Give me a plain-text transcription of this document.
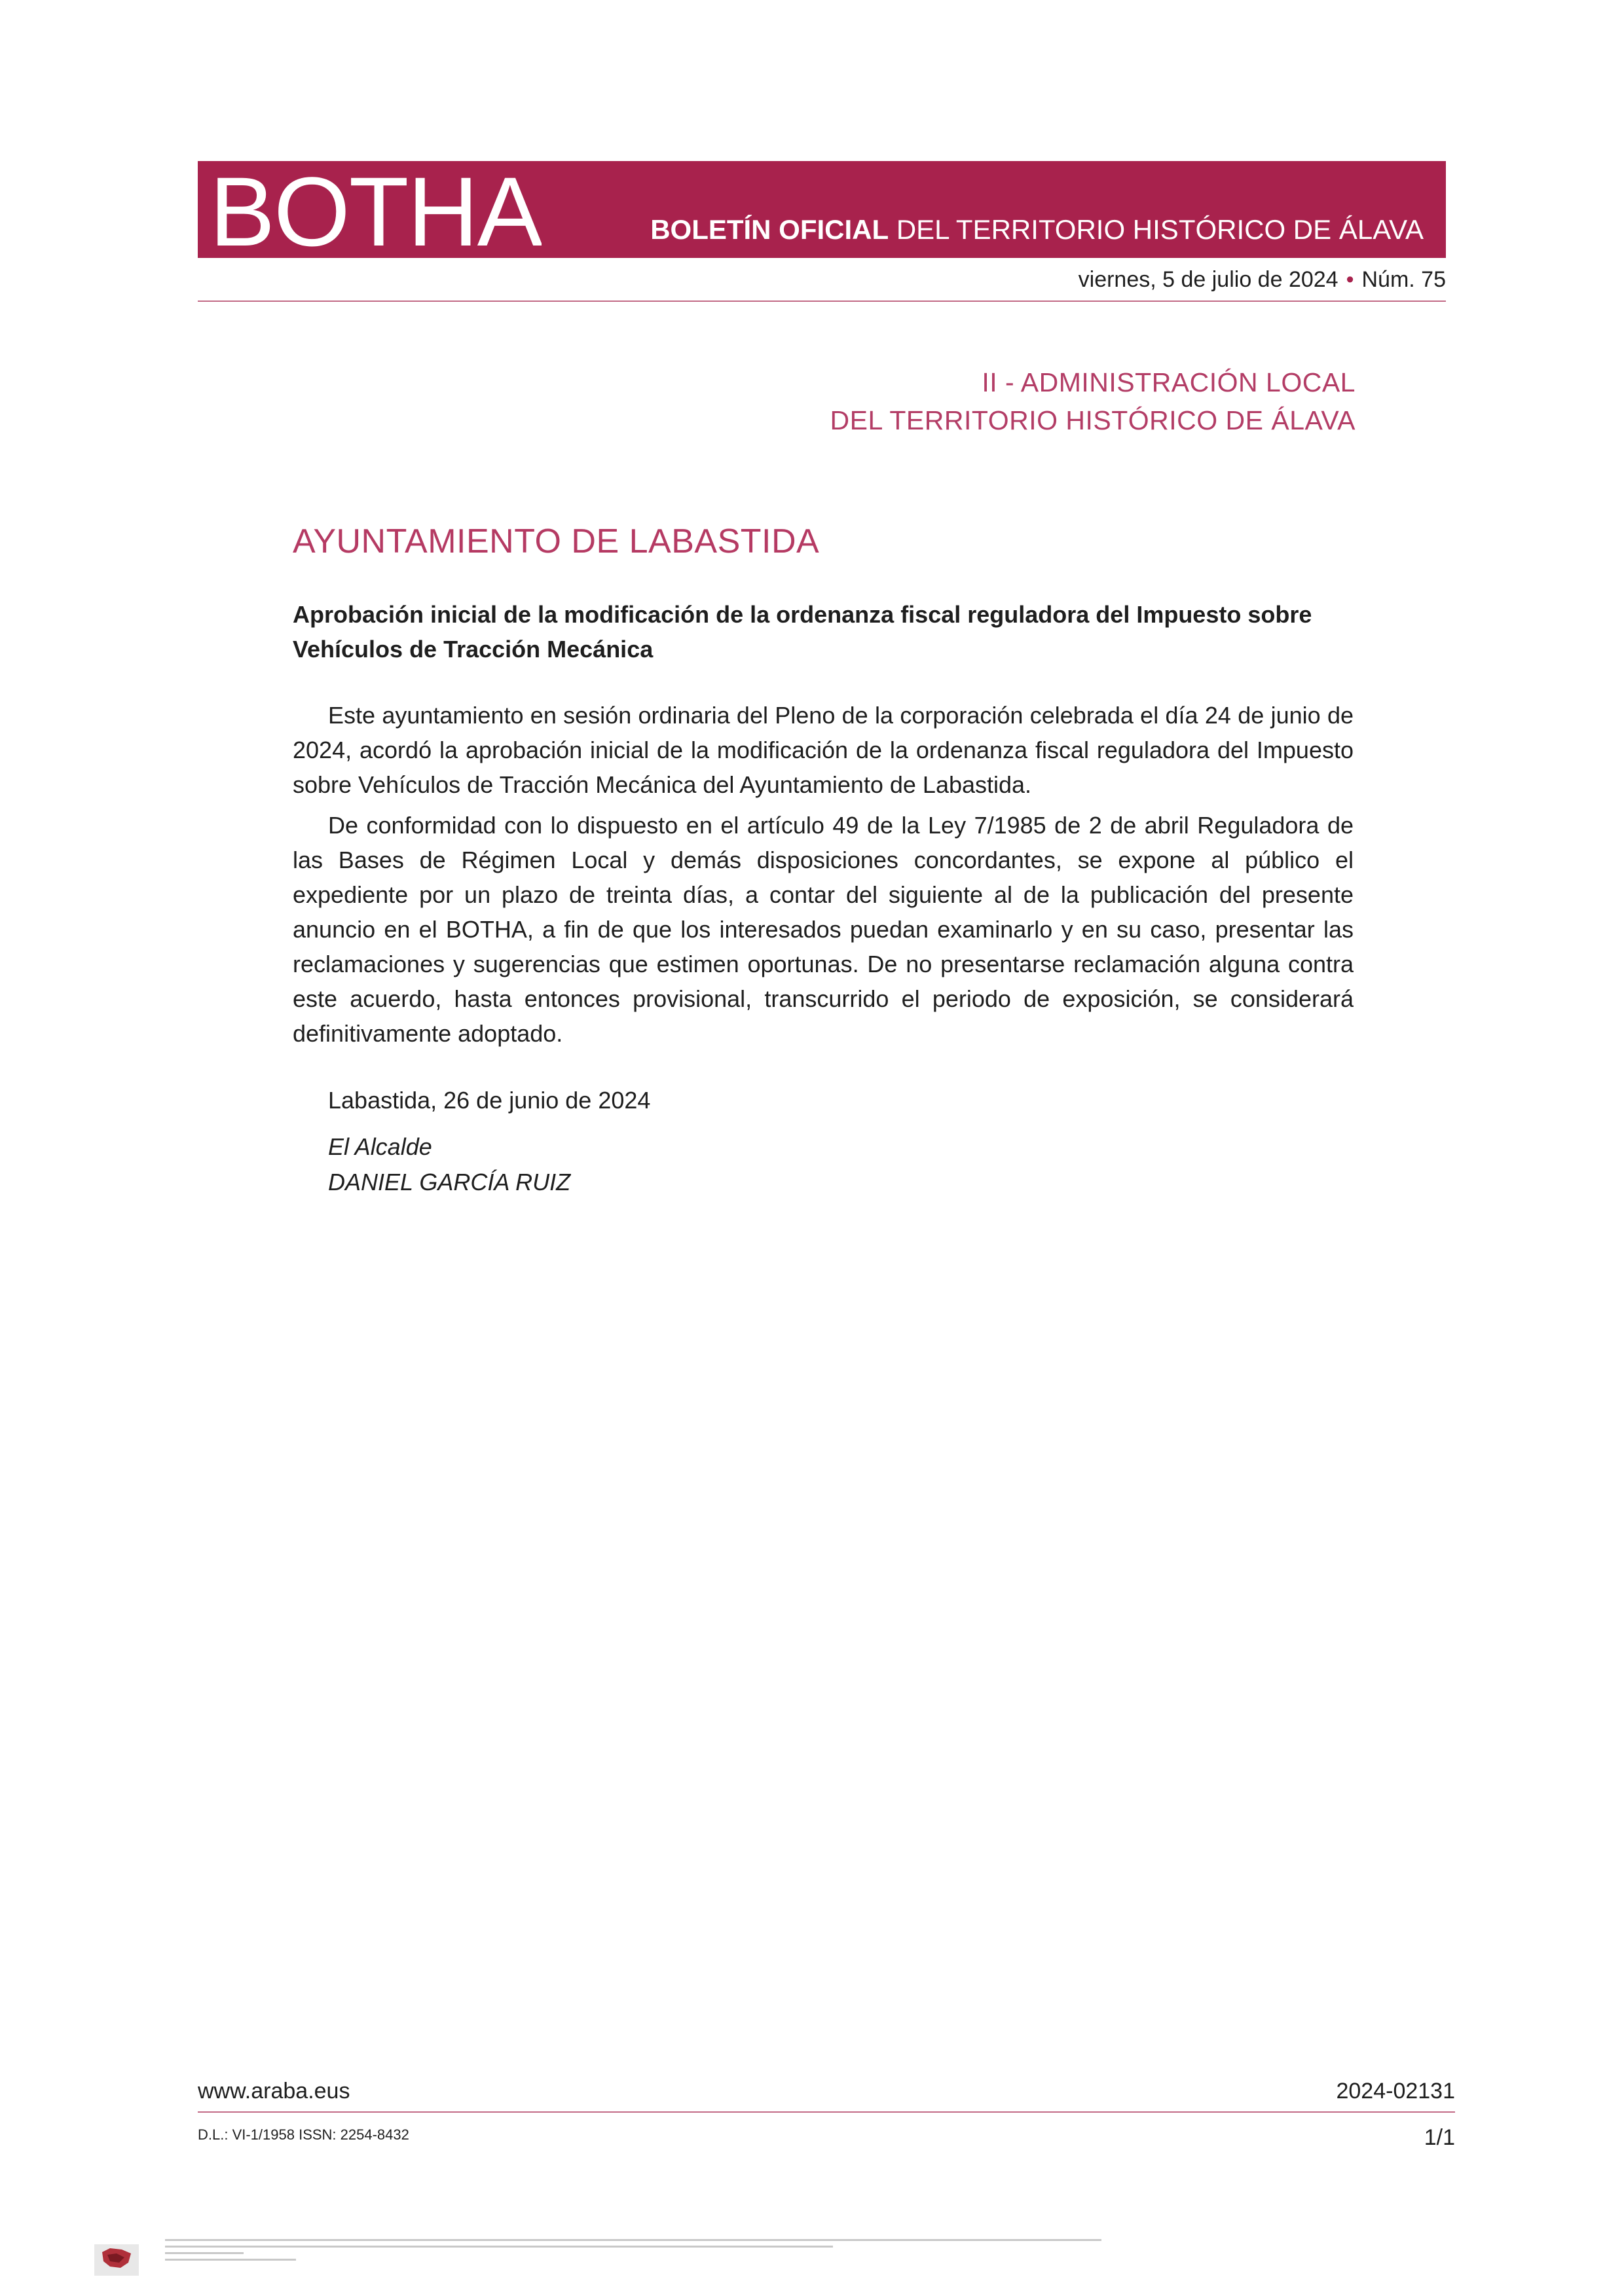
BOTHA	BOLETÍN OFICIAL DEL TERRITORIO HISTÓRICO DE ÁLAVA
viernes, 5 de julio de 2024 • Núm. 75
II - ADMINISTRACIÓN LOCAL
DEL TERRITORIO HISTÓRICO DE ÁLAVA
AYUNTAMIENTO DE LABASTIDA
Aprobación inicial de la modificación de la ordenanza fiscal reguladora del Impuesto sobre Vehículos de Tracción Mecánica

Este ayuntamiento en sesión ordinaria del Pleno de la corporación celebrada el día 24 de junio de 2024, acordó la aprobación inicial de la modificación de la ordenanza fiscal reguladora del Impuesto sobre Vehículos de Tracción Mecánica del Ayuntamiento de Labastida.

De conformidad con lo dispuesto en el artículo 49 de la Ley 7/1985 de 2 de abril Reguladora de las Bases de Régimen Local y demás disposiciones concordantes, se expone al público el expediente por un plazo de treinta días, a contar del siguiente al de la publicación del presente anuncio en el BOTHA, a fin de que los interesados puedan examinarlo y en su caso, presentar las reclamaciones y sugerencias que estimen oportunas. De no presentarse reclamación alguna contra este acuerdo, hasta entonces provisional, transcurrido el periodo de exposición, se considerará definitivamente adoptado.

Labastida, 26 de junio de 2024
El Alcalde
DANIEL GARCÍA RUIZ
www.araba.eus	2024-02131
D.L.: VI-1/1958 ISSN: 2254-8432	1/1
